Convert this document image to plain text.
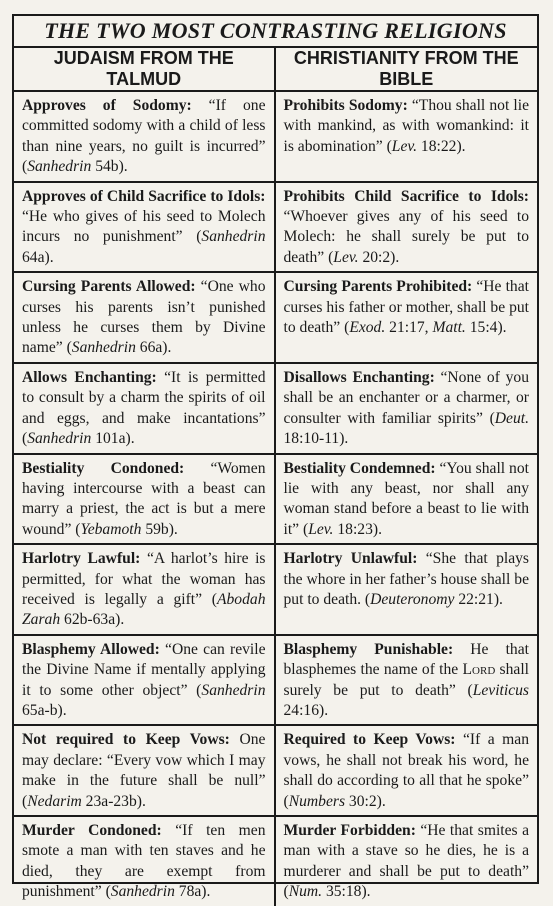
THE TWO MOST CONTRASTING RELIGIONS
JUDAISM FROM THE TALMUD
CHRISTIANITY FROM THE BIBLE
Approves of Sodomy: “If one committed sodomy with a child of less than nine years, no guilt is incurred” (Sanhedrin 54b).
Prohibits Sodomy: “Thou shall not lie with mankind, as with womankind: it is abomination” (Lev. 18:22).
Approves of Child Sacrifice to Idols: “He who gives of his seed to Molech incurs no punishment” (Sanhedrin 64a).
Prohibits Child Sacrifice to Idols: “Whoever gives any of his seed to Molech: he shall surely be put to death” (Lev. 20:2).
Cursing Parents Allowed: “One who curses his parents isn’t punished unless he curses them by Divine name” (Sanhedrin 66a).
Cursing Parents Prohibited: “He that curses his father or mother, shall be put to death” (Exod. 21:17, Matt. 15:4).
Allows Enchanting: “It is permitted to consult by a charm the spirits of oil and eggs, and make incantations” (Sanhedrin 101a).
Disallows Enchanting: “None of you shall be an enchanter or a charmer, or consulter with familiar spirits” (Deut. 18:10-11).
Bestiality Condoned: “Women having intercourse with a beast can marry a priest, the act is but a mere wound” (Yebamoth 59b).
Bestiality Condemned: “You shall not lie with any beast, nor shall any woman stand before a beast to lie with it” (Lev. 18:23).
Harlotry Lawful: “A harlot’s hire is permitted, for what the woman has received is legally a gift” (Abodah Zarah 62b-63a).
Harlotry Unlawful: “She that plays the whore in her father’s house shall be put to death. (Deuteronomy 22:21).
Blasphemy Allowed: “One can revile the Divine Name if mentally applying it to some other object” (Sanhedrin 65a-b).
Blasphemy Punishable: He that blasphemes the name of the Lord shall surely be put to death” (Leviticus 24:16).
Not required to Keep Vows: One may declare: “Every vow which I may make in the future shall be null” (Nedarim 23a-23b).
Required to Keep Vows: “If a man vows, he shall not break his word, he shall do according to all that he spoke” (Numbers 30:2).
Murder Condoned: “If ten men smote a man with ten staves and he died, they are exempt from punishment” (Sanhedrin 78a).
Murder Forbidden: “He that smites a man with a stave so he dies, he is a murderer and shall be put to death” (Num. 35:18).
